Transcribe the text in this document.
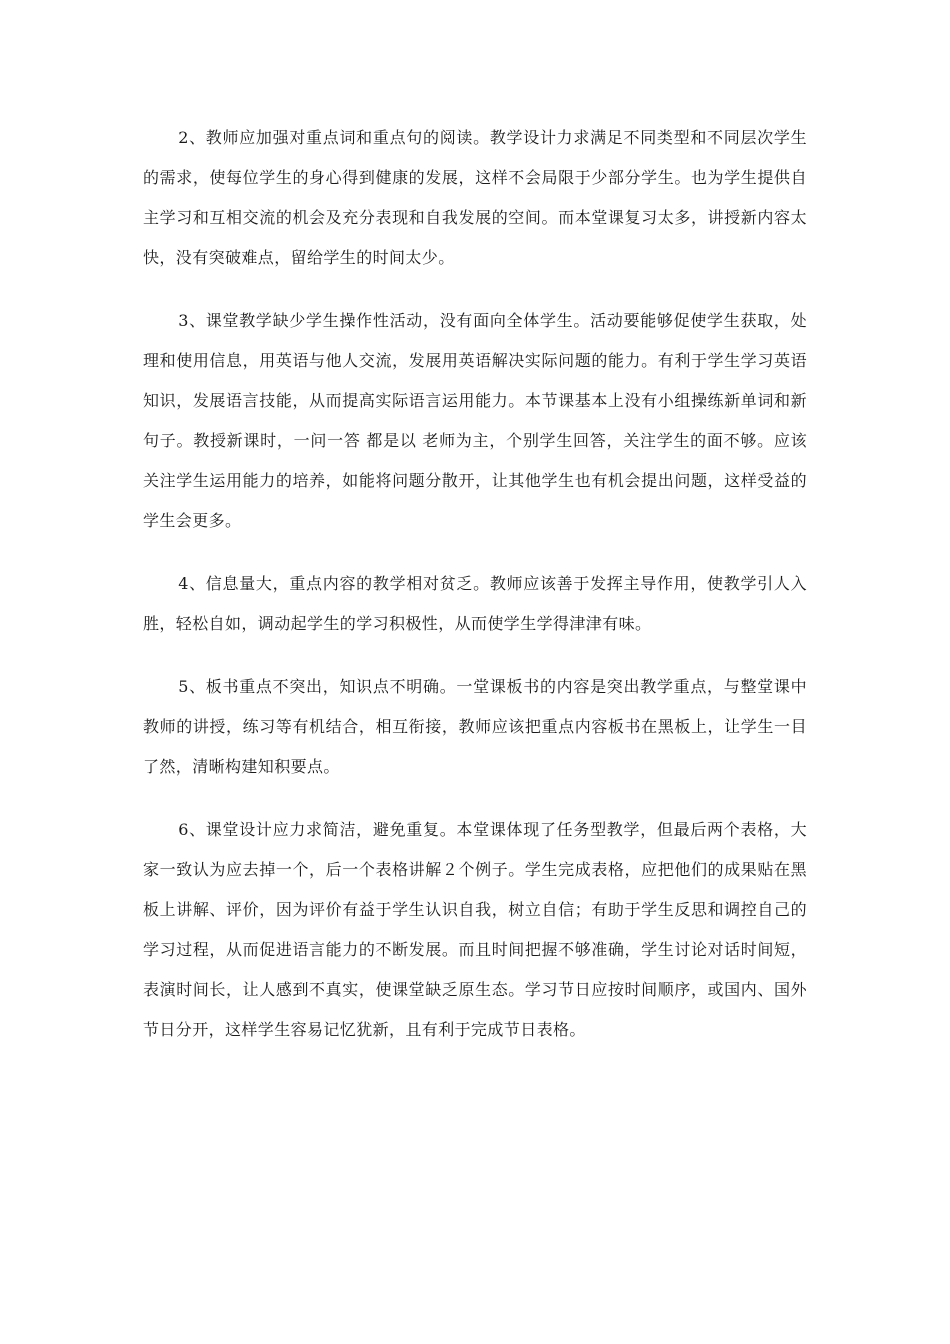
2、教师应加强对重点词和重点句的阅读。教学设计力求满足不同类型和不同层次学生的需求，使每位学生的身心得到健康的发展，这样不会局限于少部分学生。也为学生提供自主学习和互相交流的机会及充分表现和自我发展的空间。而本堂课复习太多，讲授新内容太快，没有突破难点，留给学生的时间太少。

3、课堂教学缺少学生操作性活动，没有面向全体学生。活动要能够促使学生获取，处理和使用信息，用英语与他人交流，发展用英语解决实际问题的能力。有利于学生学习英语知识，发展语言技能，从而提高实际语言运用能力。本节课基本上没有小组操练新单词和新句子。教授新课时，一问一答 都是以 老师为主，个别学生回答，关注学生的面不够。应该关注学生运用能力的培养，如能将问题分散开，让其他学生也有机会提出问题，这样受益的学生会更多。

4、信息量大，重点内容的教学相对贫乏。教师应该善于发挥主导作用，使教学引人入胜，轻松自如，调动起学生的学习积极性，从而使学生学得津津有味。

5、板书重点不突出，知识点不明确。一堂课板书的内容是突出教学重点，与整堂课中教师的讲授，练习等有机结合，相互衔接，教师应该把重点内容板书在黑板上，让学生一目了然，清晰构建知积要点。

6、课堂设计应力求简洁，避免重复。本堂课体现了任务型教学，但最后两个表格，大家一致认为应去掉一个，后一个表格讲解２个例子。学生完成表格，应把他们的成果贴在黑板上讲解、评价，因为评价有益于学生认识自我，树立自信；有助于学生反思和调控自己的学习过程，从而促进语言能力的不断发展。而且时间把握不够准确，学生讨论对话时间短，表演时间长，让人感到不真实，使课堂缺乏原生态。学习节日应按时间顺序，或国内、国外节日分开，这样学生容易记忆犹新，且有利于完成节日表格。
